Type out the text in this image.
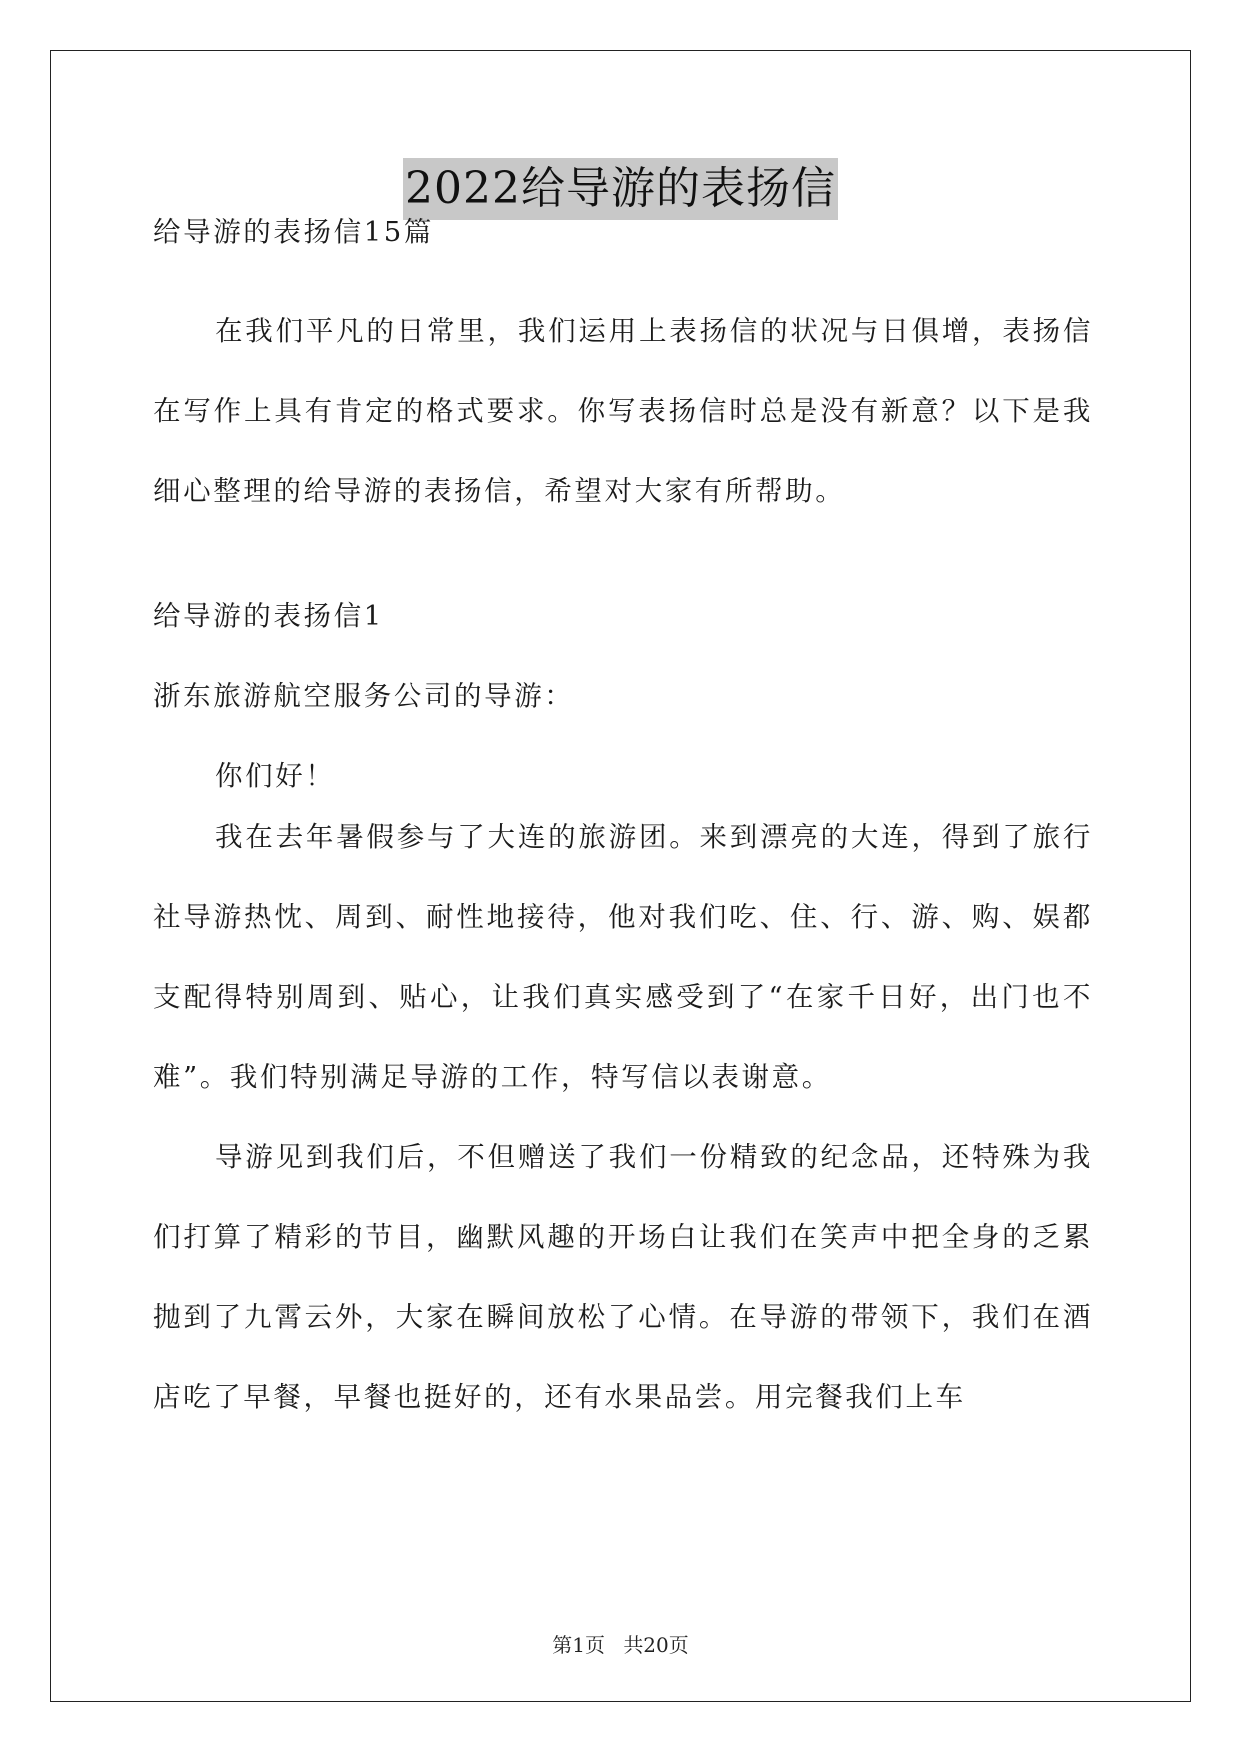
2022给导游的表扬信
给导游的表扬信15篇
在我们平凡的日常里，我们运用上表扬信的状况与日俱增，表扬信在写作上具有肯定的格式要求。你写表扬信时总是没有新意？以下是我细心整理的给导游的表扬信，希望对大家有所帮助。
给导游的表扬信1
浙东旅游航空服务公司的导游：
你们好！
我在去年暑假参与了大连的旅游团。来到漂亮的大连，得到了旅行社导游热忱、周到、耐性地接待，他对我们吃、住、行、游、购、娱都支配得特别周到、贴心，让我们真实感受到了“在家千日好，出门也不难”。我们特别满足导游的工作，特写信以表谢意。
导游见到我们后，不但赠送了我们一份精致的纪念品，还特殊为我们打算了精彩的节目，幽默风趣的开场白让我们在笑声中把全身的乏累抛到了九霄云外，大家在瞬间放松了心情。在导游的带领下，我们在酒店吃了早餐，早餐也挺好的，还有水果品尝。用完餐我们上车
第1页 共20页
